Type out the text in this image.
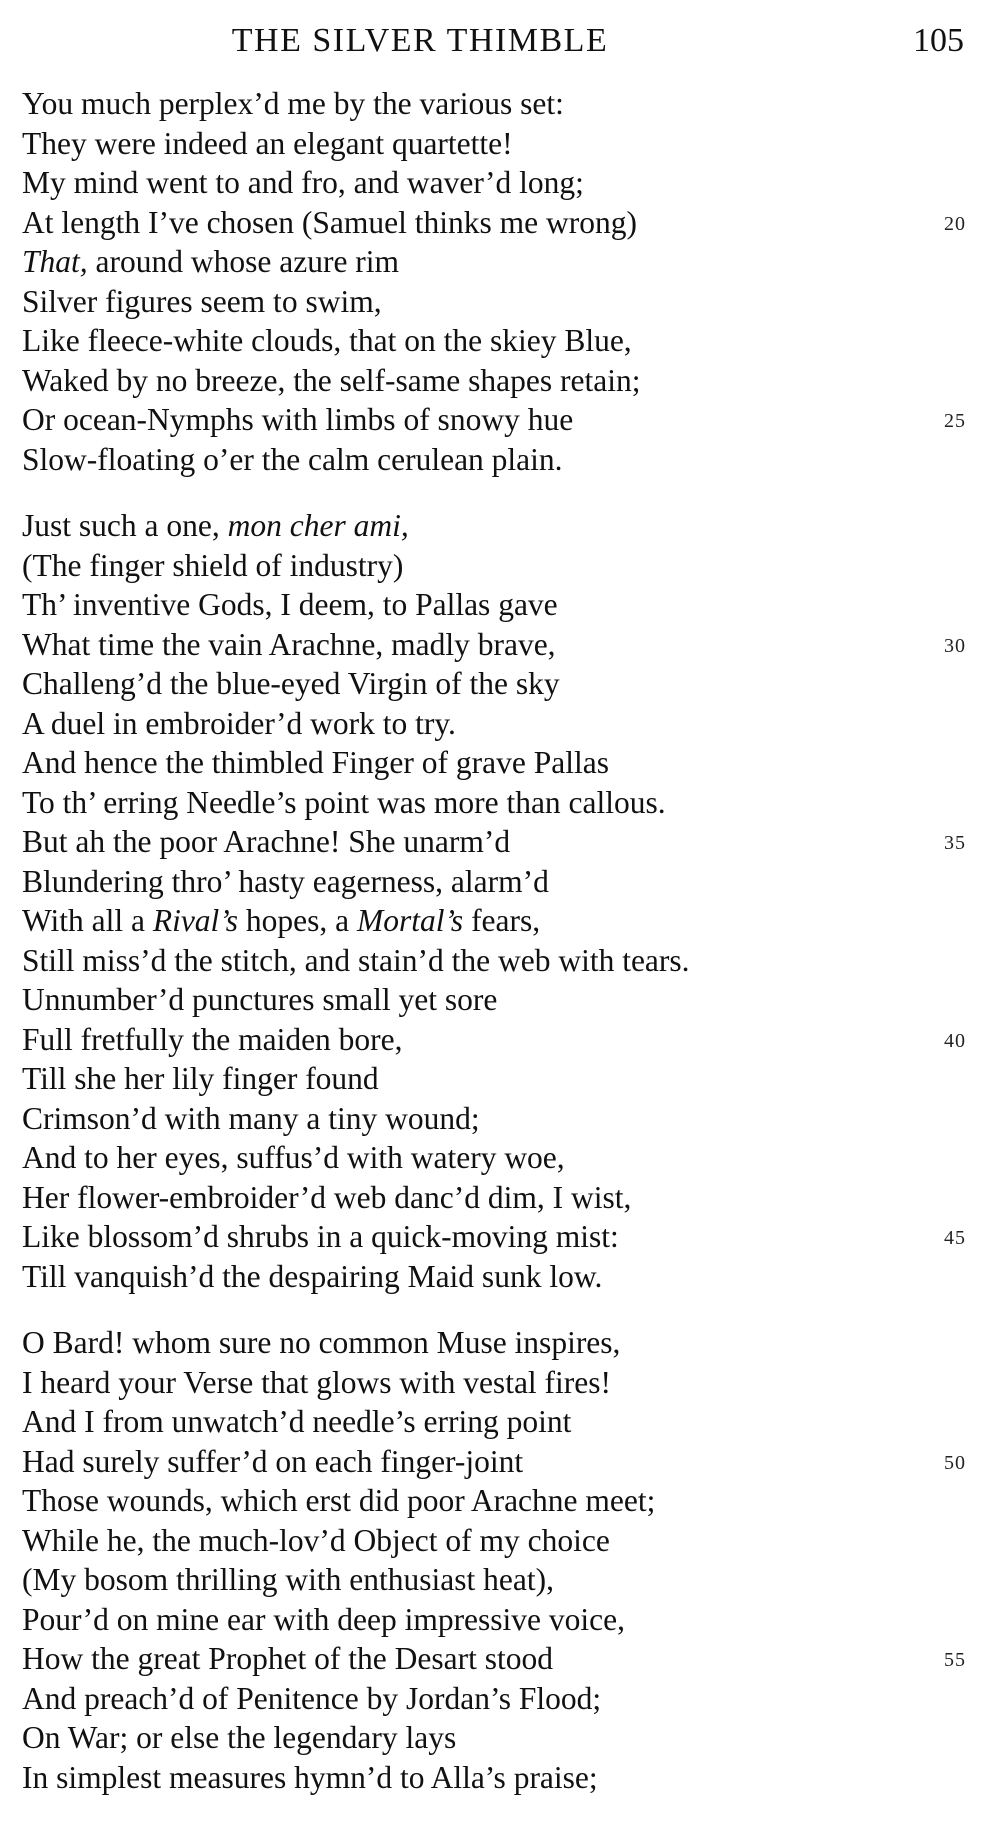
THE SILVER THIMBLE	105
You much perplex’d me by the various set:
They were indeed an elegant quartette!
My mind went to and fro, and waver’d long;
At length I’ve chosen (Samuel thinks me wrong)	20
That, around whose azure rim
Silver figures seem to swim,
Like fleece-white clouds, that on the skiey Blue,
Waked by no breeze, the self-same shapes retain;
Or ocean-Nymphs with limbs of snowy hue	25
Slow-floating o’er the calm cerulean plain.
Just such a one, mon cher ami,
(The finger shield of industry)
Th’ inventive Gods, I deem, to Pallas gave
What time the vain Arachne, madly brave,	30
Challeng’d the blue-eyed Virgin of the sky
A duel in embroider’d work to try.
And hence the thimbled Finger of grave Pallas
To th’ erring Needle’s point was more than callous.
But ah the poor Arachne! She unarm’d	35
Blundering thro’ hasty eagerness, alarm’d
With all a Rival’s hopes, a Mortal’s fears,
Still miss’d the stitch, and stain’d the web with tears.
Unnumber’d punctures small yet sore
Full fretfully the maiden bore,	40
Till she her lily finger found
Crimson’d with many a tiny wound;
And to her eyes, suffus’d with watery woe,
Her flower-embroider’d web danc’d dim, I wist,
Like blossom’d shrubs in a quick-moving mist:	45
Till vanquish’d the despairing Maid sunk low.
O Bard! whom sure no common Muse inspires,
I heard your Verse that glows with vestal fires!
And I from unwatch’d needle’s erring point
Had surely suffer’d on each finger-joint	50
Those wounds, which erst did poor Arachne meet;
While he, the much-lov’d Object of my choice
(My bosom thrilling with enthusiast heat),
Pour’d on mine ear with deep impressive voice,
How the great Prophet of the Desart stood	55
And preach’d of Penitence by Jordan’s Flood;
On War; or else the legendary lays
In simplest measures hymn’d to Alla’s praise;
